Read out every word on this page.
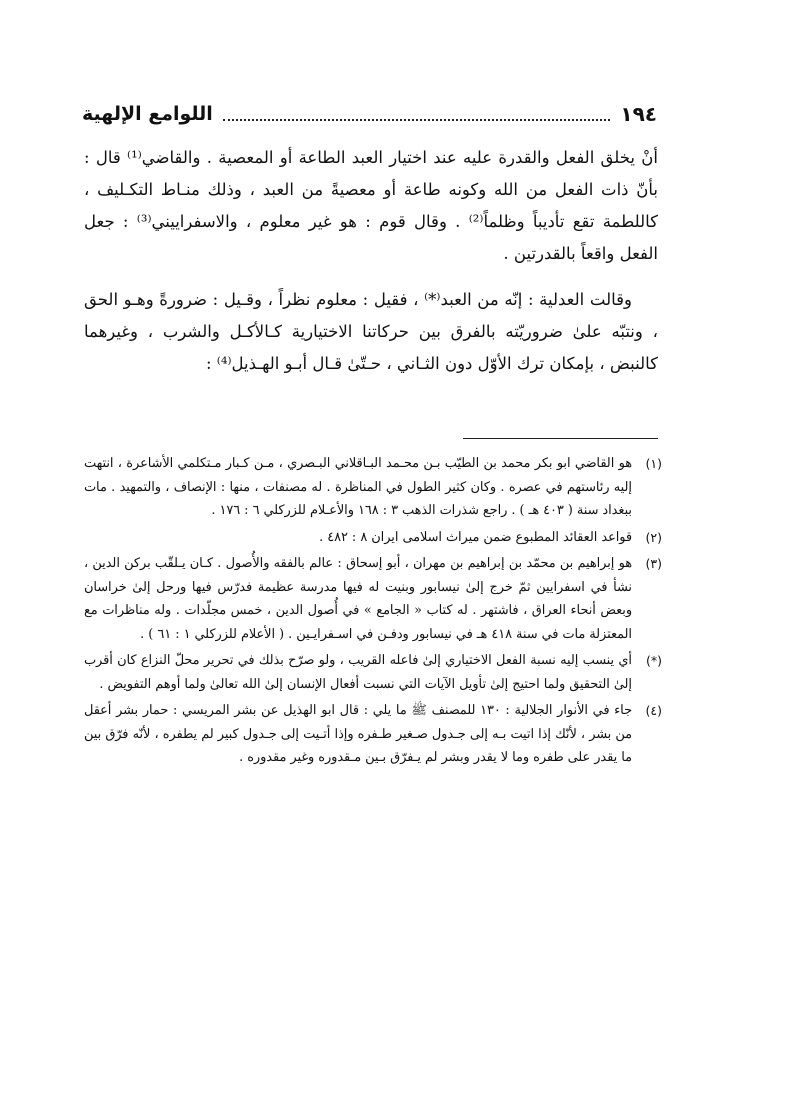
١٩٤
اللوامع الإلهية

أنْ يخلق الفعل والقدرة عليه عند اختيار العبد الطاعة أو المعصية . والقاضي⁽¹⁾ قال : بأنّ ذات الفعل من الله وكونه طاعة أو معصيةً من العبد ، وذلك منـاط التكـليف ، كاللطمة تقع تأديباً وظلماً⁽²⁾ . وقال قوم : هو غير معلوم ، والاسفراييني⁽³⁾ : جعل الفعل واقعاً بالقدرتين .

وقالت العدلية : إنّه من العبد⁽*⁾ ، فقيل : معلوم نظراً ، وقـيل : ضرورةً وهـو الحق ، ونتبّه علىٰ ضروريّته بالفرق بين حركاتنا الاختيارية كـالأكـل والشرب ، وغيرهما كالنبض ، بإمكان ترك الأوّل دون الثـاني ، حـتّىٰ قـال أبـو الهـذيل⁽⁴⁾ :

(١)
هو القاضي ابو بكر محمد بن الطيّب بـن محـمد البـاقلاني البـصري ، مـن كـبار مـتكلمي الأشاعرة ، انتهت إليه رئاستهم في عصره . وكان كثير الطول في المناظرة . له مصنفات ، منها : الإنصاف ، والتمهيد . مات ببغداد سنة ( ٤٠٣ هـ ) . راجع شذرات الذهب ٣ : ١٦٨ والأعـلام للزركلي ٦ : ١٧٦ .
(٢)
قواعد العقائد المطبوع ضمن ميراث اسلامى ايران ٨ : ٤٨٢ .
(٣)
هو إبراهيم بن محمّد بن إبراهيم بن مهران ، أبو إسحاق : عالم بالفقه والأُصول . كـان يـلقّب بركن الدين ، نشأ في اسفرايين ثمّ خرج إلىٰ نيسابور وبنيت له فيها مدرسة عظيمة فدرّس فيها ورحل إلىٰ خراسان وبعض أنحاء العراق ، فاشتهر . له كتاب « الجامع » في أُصول الدين ، خمس مجلّدات . وله مناظرات مع المعتزلة مات في سنة ٤١٨ هـ في نيسابور ودفـن في اسـفرايـين . ( الأعلام للزركلي ١ : ٦١ ) .
(*)
أي ينسب إليه نسبة الفعل الاختياري إلىٰ فاعله القريب ، ولو صرّح بذلك في تحرير محلّ النزاع كان أقرب إلىٰ التحقيق ولما احتيج إلىٰ تأويل الآيات التي نسبت أفعال الإنسان إلىٰ الله تعالىٰ ولما أوهم التفويض .
(٤)
جاء في الأنوار الجلالية : ١٣٠ للمصنف ﷺ ما يلي : قال ابو الهذيل عن بشر المريسي : حمار بشر أعقل من بشر ، لأنّك إذا اتيت بـه إلى جـدول صـغير طـفره وإذا أتـيت إلى جـدول كبير لم يطفره ، لأنّه فرّق بين ما يقدر على طفره وما لا يقدر وبشر لم يـفرّق بـين مـقدوره وغير مقدوره .
